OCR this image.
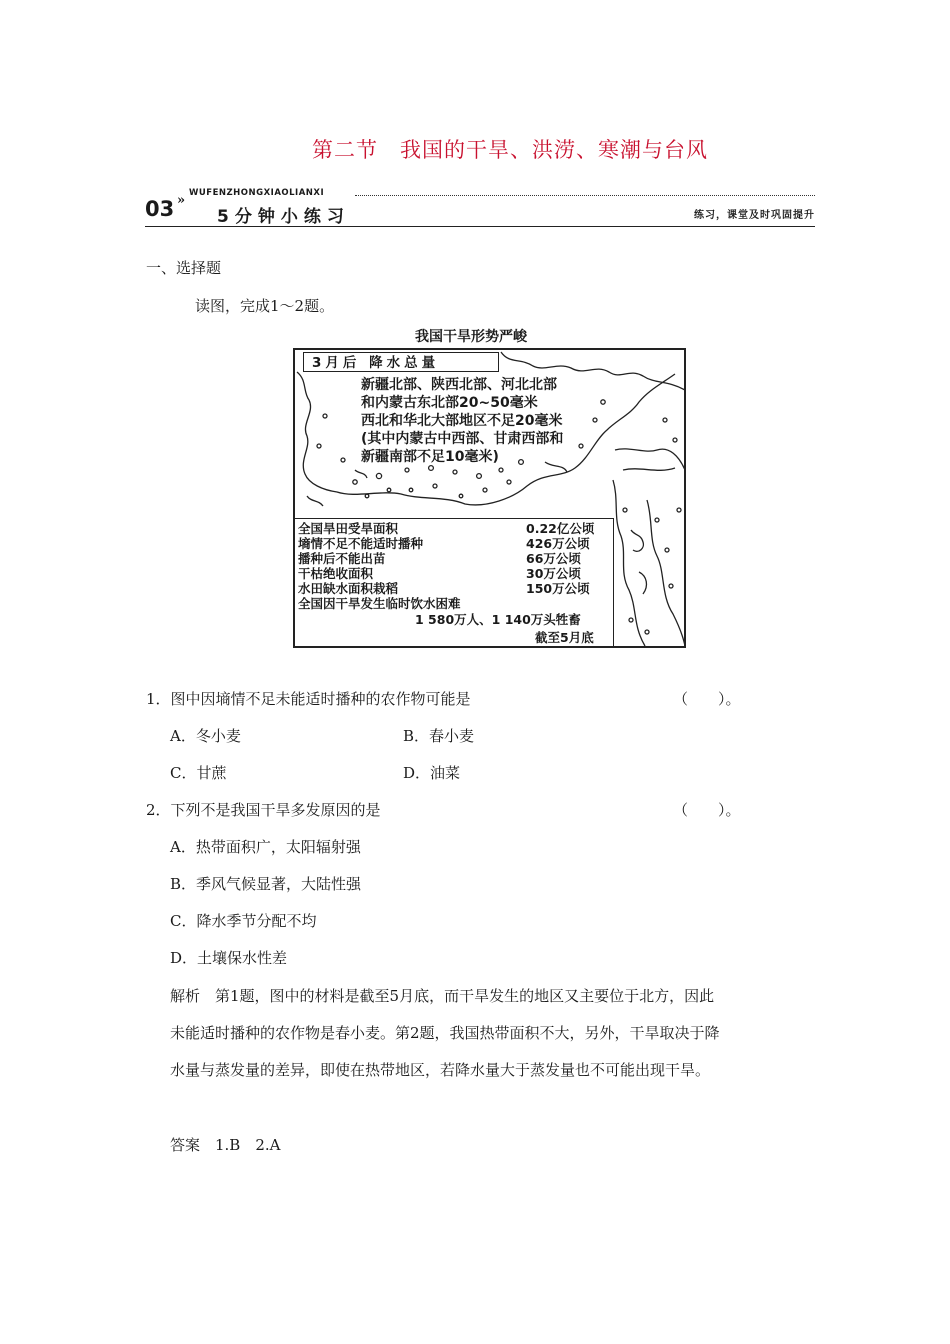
第二节　我国的干旱、洪涝、寒潮与台风
03 » WUFENZHONGXIAOLIANXI
5分钟小练习	练习，课堂及时巩固提升
一、选择题
读图，完成1～2题。
我国干旱形势严峻
3月后 降水总量
新疆北部、陕西北部、河北北部
和内蒙古东北部20~50毫米
西北和华北大部地区不足20毫米
(其中内蒙古中西部、甘肃西部和
新疆南部不足10毫米)
全国旱田受旱面积	0.22亿公顷
墒情不足不能适时播种	426万公顷
播种后不能出苗	66万公顷
干枯绝收面积	30万公顷
水田缺水面积栽稻	150万公顷
全国因干旱发生临时饮水困难
1 580万人、1 140万头牲畜
截至5月底
1．图中因墒情不足未能适时播种的农作物可能是	（　　）。
A．冬小麦	B．春小麦
C．甘蔗	D．油菜
2．下列不是我国干旱多发原因的是	（　　）。
A．热带面积广，太阳辐射强
B．季风气候显著，大陆性强
C．降水季节分配不均
D．土壤保水性差
解析　第1题，图中的材料是截至5月底，而干旱发生的地区又主要位于北方，因此未能适时播种的农作物是春小麦。第2题，我国热带面积不大，另外，干旱取决于降水量与蒸发量的差异，即使在热带地区，若降水量大于蒸发量也不可能出现干旱。
答案　1.B　2.A
